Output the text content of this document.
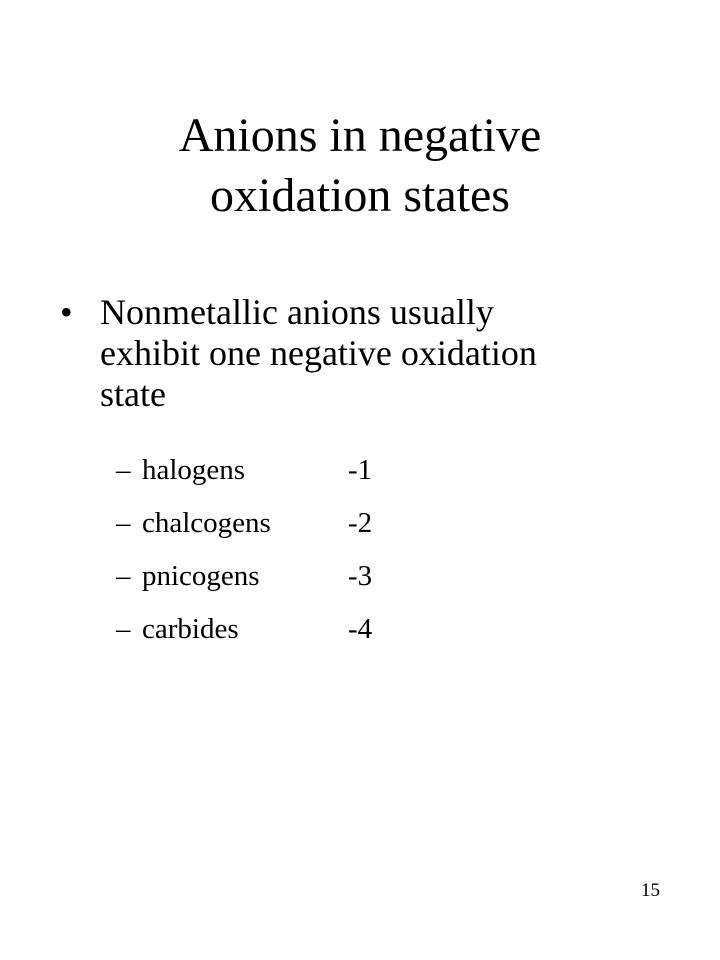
Anions in negative
oxidation states
• Nonmetallic anions usually
exhibit one negative oxidation
state
– halogens	-1
– chalcogens	-2
– pnicogens	-3
– carbides	-4
15
